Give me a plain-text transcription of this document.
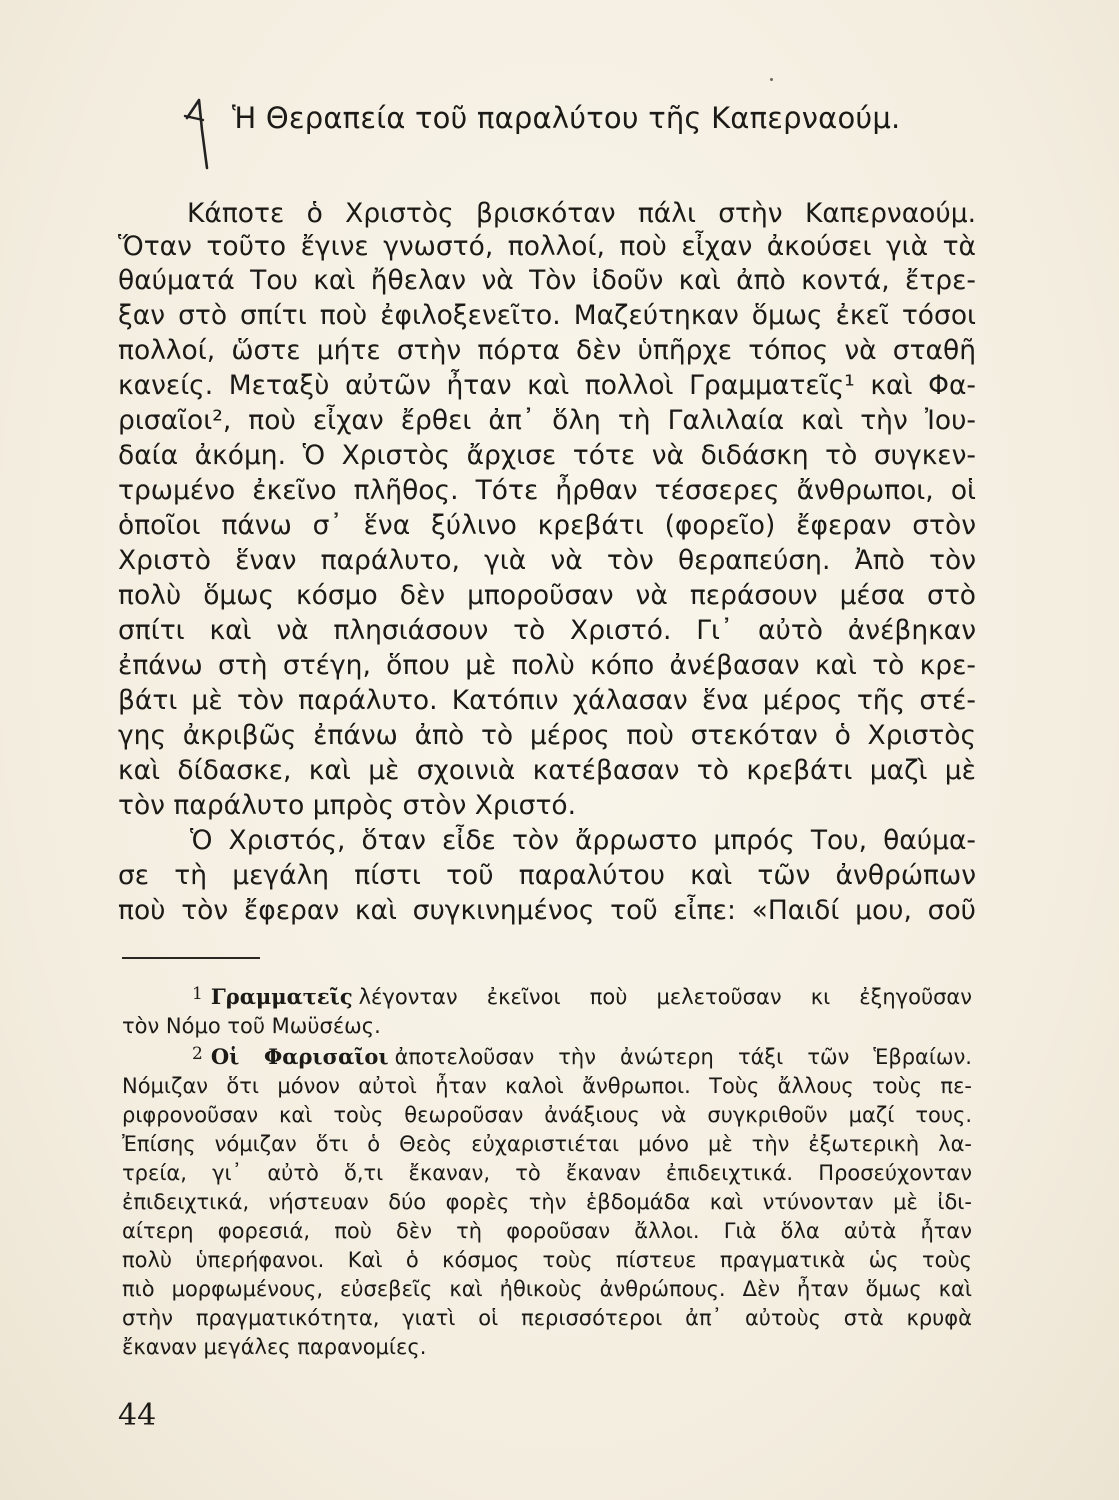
Ἡ Θεραπεία τοῦ παραλύτου τῆς Καπερναούμ.
Κάποτε ὁ Χριστὸς βρισκόταν πάλι στὴν Καπερναούμ.
Ὅταν τοῦτο ἔγινε γνωστό, πολλοί, ποὺ εἶχαν ἀκούσει γιὰ τὰ
θαύματά Του καὶ ἤθελαν νὰ Τὸν ἰδοῦν καὶ ἀπὸ κοντά, ἔτρε-
ξαν στὸ σπίτι ποὺ ἐφιλοξενεῖτο. Μαζεύτηκαν ὅμως ἐκεῖ τόσοι
πολλοί, ὥστε μήτε στὴν πόρτα δὲν ὑπῆρχε τόπος νὰ σταθῆ
κανείς. Μεταξὺ αὐτῶν ἦταν καὶ πολλοὶ Γραμματεῖς¹ καὶ Φα-
ρισαῖοι², ποὺ εἶχαν ἔρθει ἀπ᾿ ὅλη τὴ Γαλιλαία καὶ τὴν Ἰου-
δαία ἀκόμη. Ὁ Χριστὸς ἄρχισε τότε νὰ διδάσκη τὸ συγκεν-
τρωμένο ἐκεῖνο πλῆθος. Τότε ἦρθαν τέσσερες ἄνθρωποι, οἱ
ὁποῖοι πάνω σ᾿ ἕνα ξύλινο κρεβάτι (φορεῖο) ἔφεραν στὸν
Χριστὸ ἕναν παράλυτο, γιὰ νὰ τὸν θεραπεύση. Ἀπὸ τὸν
πολὺ ὅμως κόσμο δὲν μποροῦσαν νὰ περάσουν μέσα στὸ
σπίτι καὶ νὰ πλησιάσουν τὸ Χριστό. Γι᾿ αὐτὸ ἀνέβηκαν
ἐπάνω στὴ στέγη, ὅπου μὲ πολὺ κόπο ἀνέβασαν καὶ τὸ κρε-
βάτι μὲ τὸν παράλυτο. Κατόπιν χάλασαν ἕνα μέρος τῆς στέ-
γης ἀκριβῶς ἐπάνω ἀπὸ τὸ μέρος ποὺ στεκόταν ὁ Χριστὸς
καὶ δίδασκε, καὶ μὲ σχοινιὰ κατέβασαν τὸ κρεβάτι μαζὶ μὲ
τὸν παράλυτο μπρὸς στὸν Χριστό.
Ὁ Χριστός, ὅταν εἶδε τὸν ἄρρωστο μπρός Του, θαύμα-
σε τὴ μεγάλη πίστι τοῦ παραλύτου καὶ τῶν ἀνθρώπων
ποὺ τὸν ἔφεραν καὶ συγκινημένος τοῦ εἶπε: «Παιδί μου, σοῦ
$^1$ Γραμματεῖς λέγονταν ἐκεῖνοι ποὺ μελετοῦσαν κι ἐξηγοῦσαν
τὸν Νόμο τοῦ Μωϋσέως.
$^2$ Οἱ Φαρισαῖοι ἀποτελοῦσαν τὴν ἀνώτερη τάξι τῶν Ἑβραίων.
Νόμιζαν ὅτι μόνον αὐτοὶ ἦταν καλοὶ ἄνθρωποι. Τοὺς ἄλλους τοὺς πε-
ριφρονοῦσαν καὶ τοὺς θεωροῦσαν ἀνάξιους νὰ συγκριθοῦν μαζί τους.
Ἐπίσης νόμιζαν ὅτι ὁ Θεὸς εὐχαριστιέται μόνο μὲ τὴν ἐξωτερικὴ λα-
τρεία, γι᾿ αὐτὸ ὅ,τι ἔκαναν, τὸ ἔκαναν ἐπιδειχτικά. Προσεύχονταν
ἐπιδειχτικά, νήστευαν δύο φορὲς τὴν ἑβδομάδα καὶ ντύνονταν μὲ ἰδι-
αίτερη φορεσιά, ποὺ δὲν τὴ φοροῦσαν ἄλλοι. Γιὰ ὅλα αὐτὰ ἦταν
πολὺ ὑπερήφανοι. Καὶ ὁ κόσμος τοὺς πίστευε πραγματικὰ ὡς τοὺς
πιὸ μορφωμένους, εὐσεβεῖς καὶ ἠθικοὺς ἀνθρώπους. Δὲν ἦταν ὅμως καὶ
στὴν πραγματικότητα, γιατὶ οἱ περισσότεροι ἀπ᾿ αὐτοὺς στὰ κρυφὰ
ἔκαναν μεγάλες παρανομίες.
44
